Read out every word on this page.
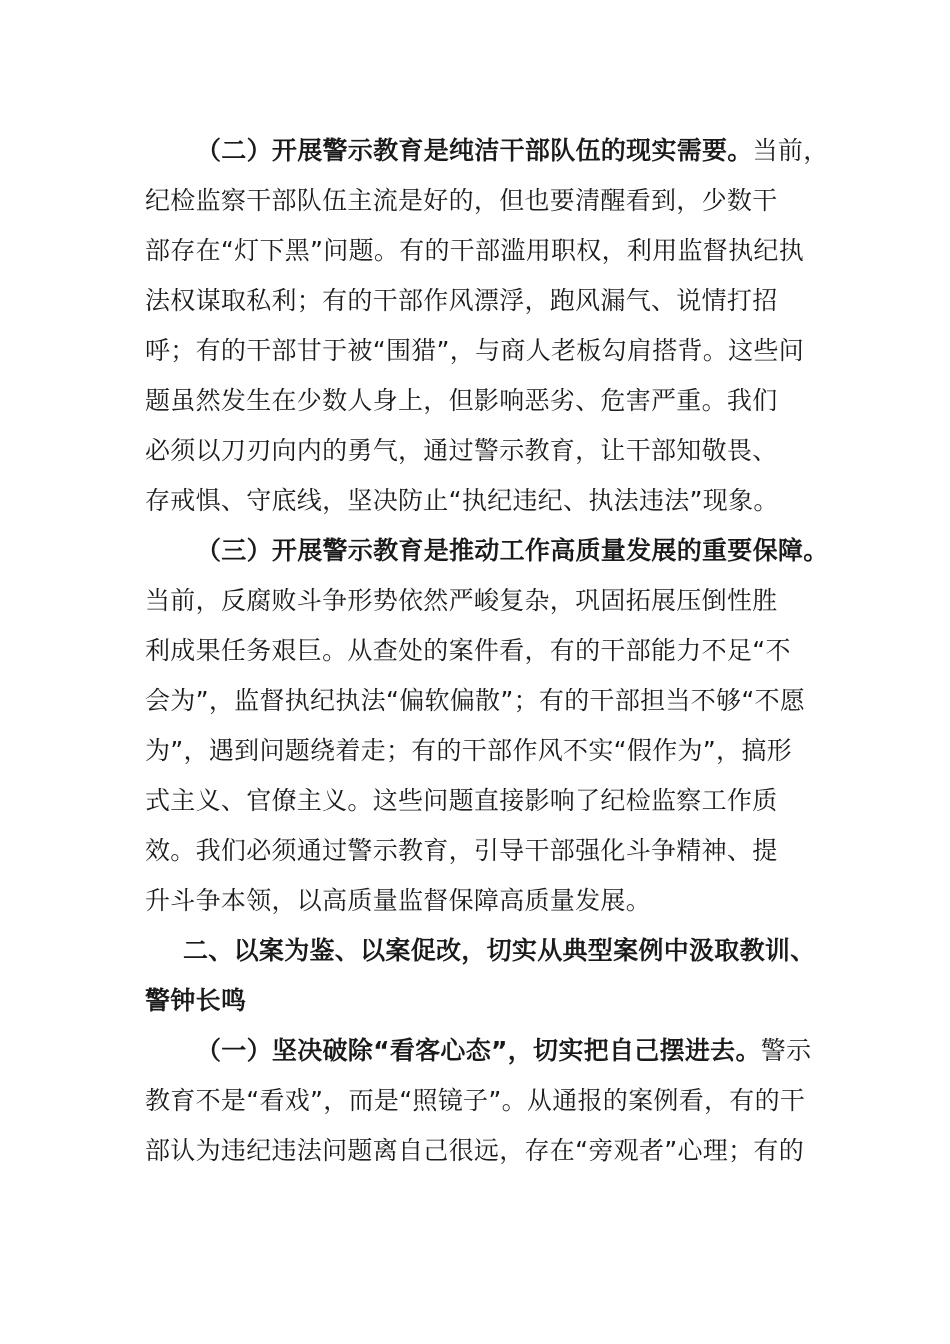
（二）开展警示教育是纯洁干部队伍的现实需要。当前，
纪检监察干部队伍主流是好的，但也要清醒看到，少数干
部存在“灯下黑”问题。有的干部滥用职权，利用监督执纪执
法权谋取私利；有的干部作风漂浮，跑风漏气、说情打招
呼；有的干部甘于被“围猎”，与商人老板勾肩搭背。这些问
题虽然发生在少数人身上，但影响恶劣、危害严重。我们
必须以刀刃向内的勇气，通过警示教育，让干部知敬畏、
存戒惧、守底线，坚决防止“执纪违纪、执法违法”现象。
（三）开展警示教育是推动工作高质量发展的重要保障。
当前，反腐败斗争形势依然严峻复杂，巩固拓展压倒性胜
利成果任务艰巨。从查处的案件看，有的干部能力不足“不
会为”，监督执纪执法“偏软偏散”；有的干部担当不够“不愿
为”，遇到问题绕着走；有的干部作风不实“假作为”，搞形
式主义、官僚主义。这些问题直接影响了纪检监察工作质
效。我们必须通过警示教育，引导干部强化斗争精神、提
升斗争本领，以高质量监督保障高质量发展。
二、以案为鉴、以案促改，切实从典型案例中汲取教训、
警钟长鸣
（一）坚决破除“看客心态”，切实把自己摆进去。警示
教育不是“看戏”，而是“照镜子”。从通报的案例看，有的干
部认为违纪违法问题离自己很远，存在“旁观者”心理；有的
